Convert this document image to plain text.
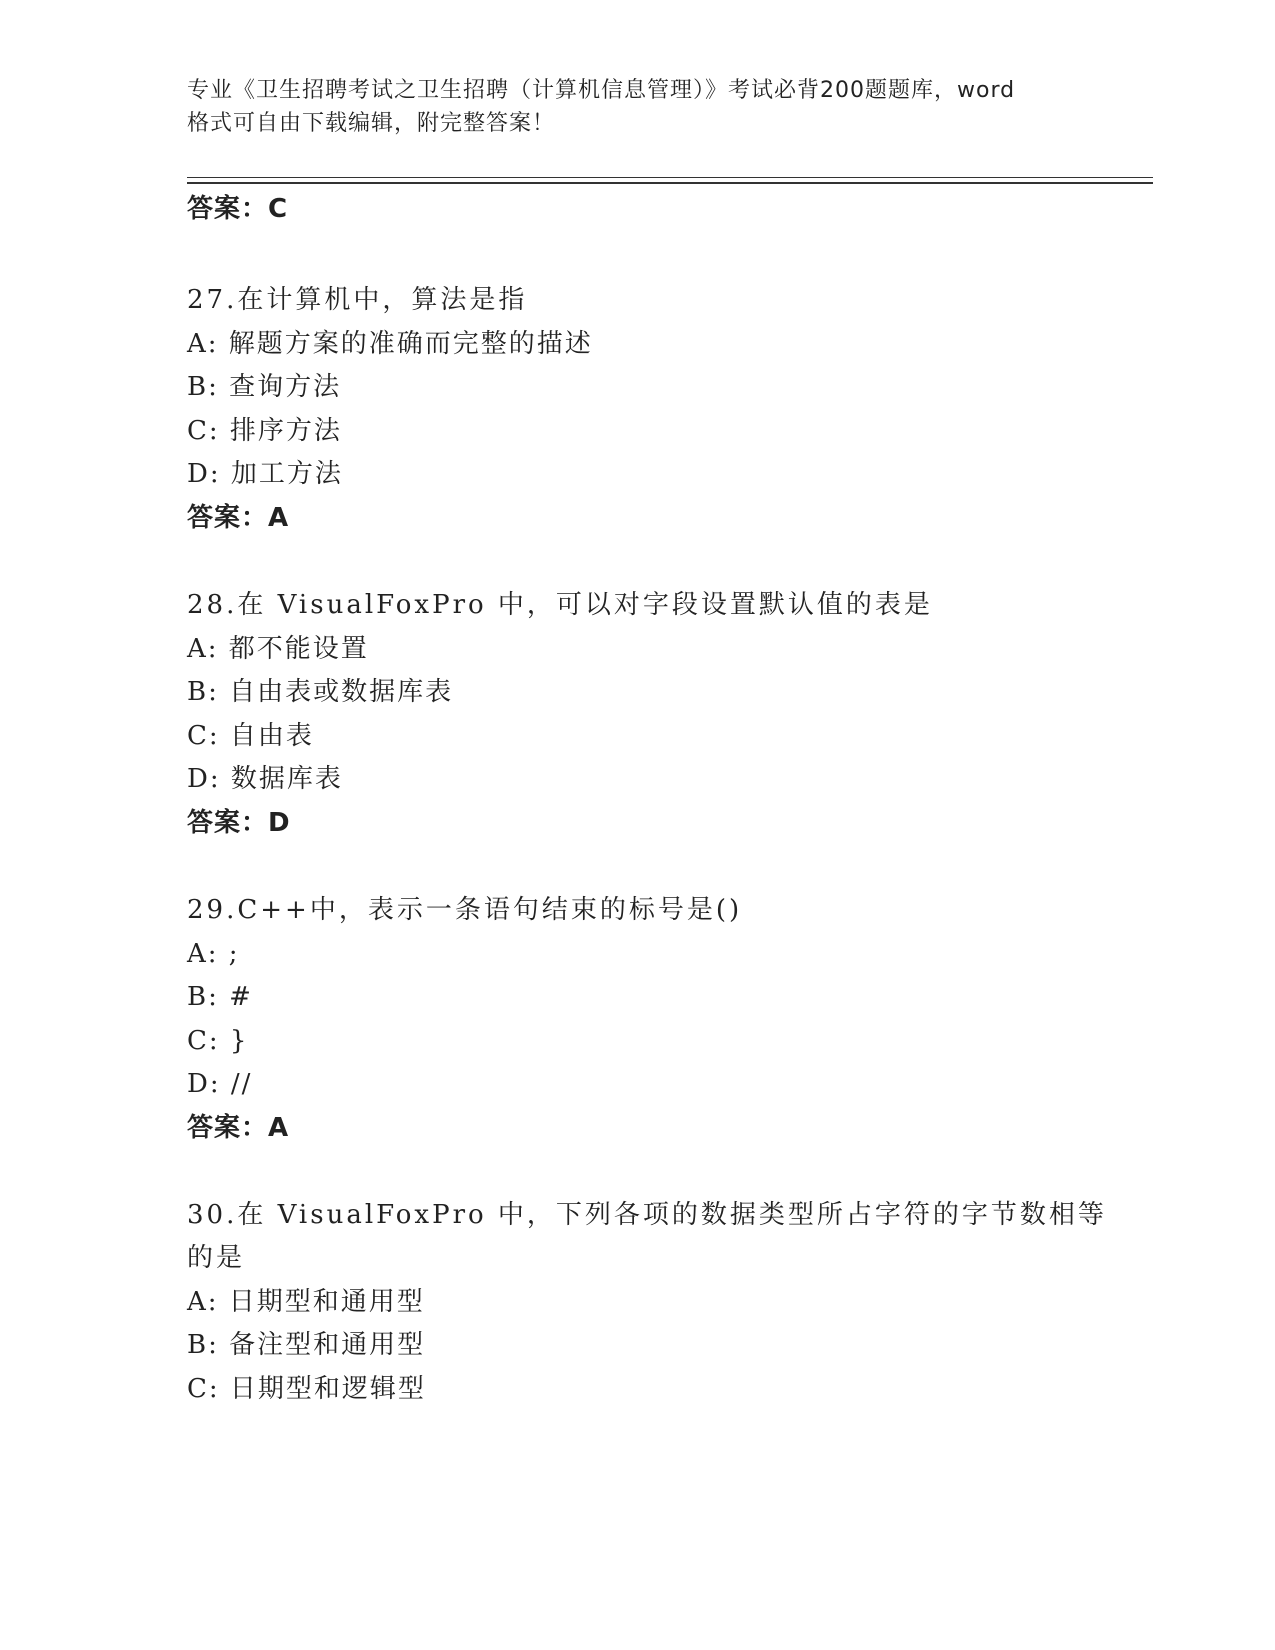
专业《卫生招聘考试之卫生招聘（计算机信息管理）》考试必背200题题库，word
格式可自由下载编辑，附完整答案！
答案：C
27.在计算机中，算法是指
A: 解题方案的准确而完整的描述
B: 查询方法
C: 排序方法
D: 加工方法
答案：A
28.在 VisualFoxPro 中，可以对字段设置默认值的表是
A: 都不能设置
B: 自由表或数据库表
C: 自由表
D: 数据库表
答案：D
29.C++中，表示一条语句结束的标号是()
A: ;
B: #
C: }
D: //
答案：A
30.在 VisualFoxPro 中，下列各项的数据类型所占字符的字节数相等
的是
A: 日期型和通用型
B: 备注型和通用型
C: 日期型和逻辑型
